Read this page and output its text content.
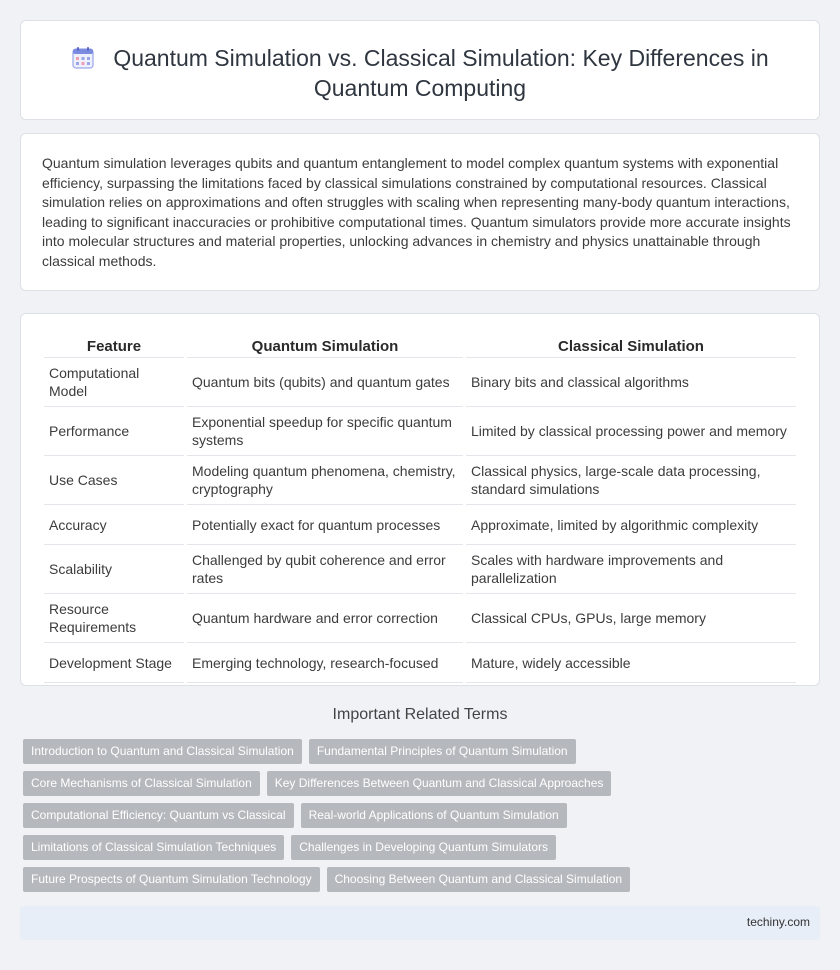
Quantum Simulation vs. Classical Simulation: Key Differences in Quantum Computing

Quantum simulation leverages qubits and quantum entanglement to model complex quantum systems with exponential efficiency, surpassing the limitations faced by classical simulations constrained by computational resources. Classical simulation relies on approximations and often struggles with scaling when representing many-body quantum interactions, leading to significant inaccuracies or prohibitive computational times. Quantum simulators provide more accurate insights into molecular structures and material properties, unlocking advances in chemistry and physics unattainable through classical methods.

Feature	Quantum Simulation	Classical Simulation
Computational Model	Quantum bits (qubits) and quantum gates	Binary bits and classical algorithms
Performance	Exponential speedup for specific quantum systems	Limited by classical processing power and memory
Use Cases	Modeling quantum phenomena, chemistry, cryptography	Classical physics, large-scale data processing, standard simulations
Accuracy	Potentially exact for quantum processes	Approximate, limited by algorithmic complexity
Scalability	Challenged by qubit coherence and error rates	Scales with hardware improvements and parallelization
Resource Requirements	Quantum hardware and error correction	Classical CPUs, GPUs, large memory
Development Stage	Emerging technology, research-focused	Mature, widely accessible
Important Related Terms
Introduction to Quantum and Classical Simulation Fundamental Principles of Quantum Simulation
Core Mechanisms of Classical Simulation Key Differences Between Quantum and Classical Approaches
Computational Efficiency: Quantum vs Classical Real-world Applications of Quantum Simulation
Limitations of Classical Simulation Techniques Challenges in Developing Quantum Simulators
Future Prospects of Quantum Simulation Technology Choosing Between Quantum and Classical Simulation
techiny.com
